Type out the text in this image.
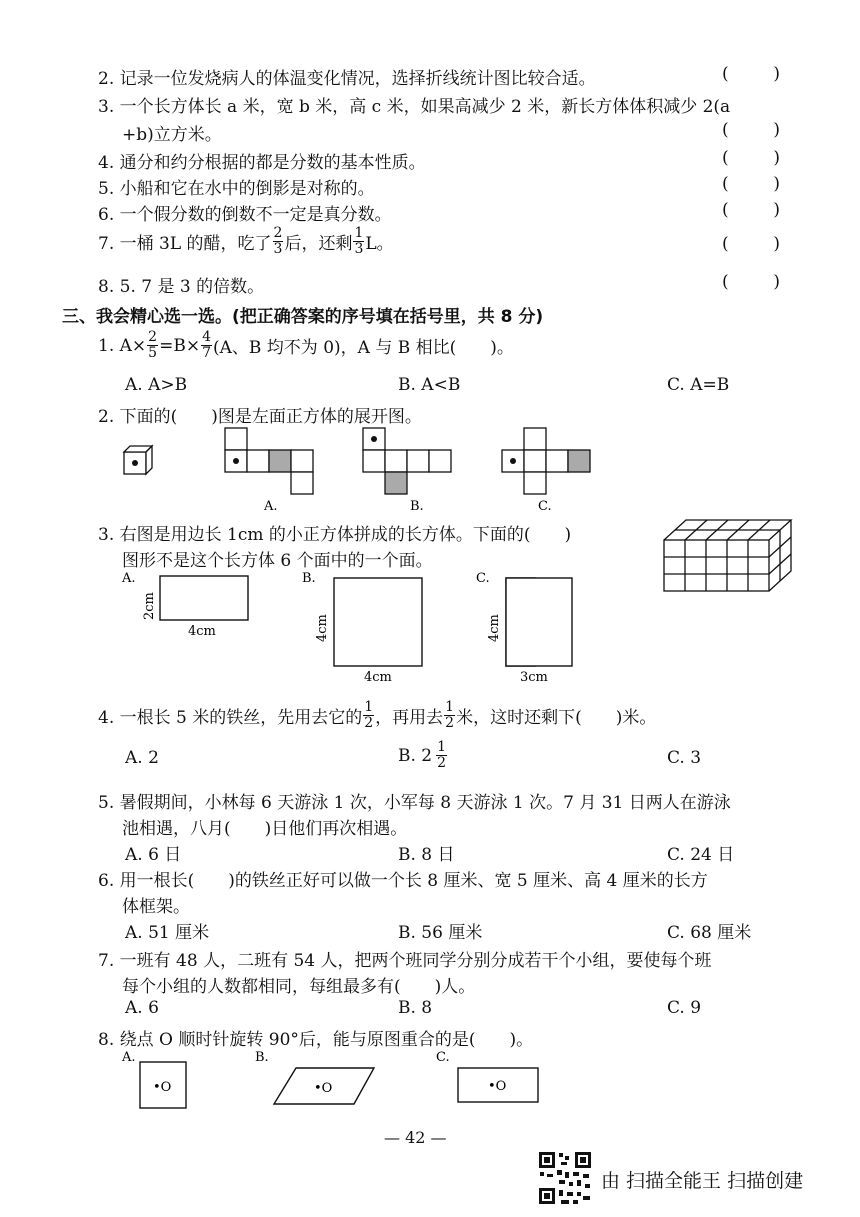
2. 记录一位发烧病人的体温变化情况，选择折线统计图比较合适。	(	)
3. 一个长方体长 a 米，宽 b 米，高 c 米，如果高减少 2 米，新长方体体积减少 2(a
+b)立方米。	(	)
4. 通分和约分根据的都是分数的基本性质。	(	)
5. 小船和它在水中的倒影是对称的。	(	)
6. 一个假分数的倒数不一定是真分数。	(	)
7. 一桶 3L 的醋，吃了 $\frac{2}{3}$ 后，还剩 $\frac{1}{3}$ L。	(	)
8. 5. 7 是 3 的倍数。	(	)
三、我会精心选一选。(把正确答案的序号填在括号里，共 8 分)
1. $A\times \frac{2}{5} =B\times \frac{4}{7} (A$、B 均不为 0)，A 与 B 相比( )。
A. A>B	B. A<B	C. A=B
2. 下面的( )图是左面正方体的展开图。
A.	B.	C.
3. 右图是用边长 1cm 的小正方体拼成的长方体。下面的( )
图形不是这个长方体 6 个面中的一个面。
A.
4cm
2cm
B.
4cm
4cm
C.
3cm
4cm
4. 一根长 5 米的铁丝，先用去它的 $\frac{1}{2}$ ，再用去 $\frac{1}{2}$ 米，这时还剩下( )米。
A. 2	B. $2 \frac{1}{2}$	C. 3
5. 暑假期间，小林每 6 天游泳 1 次，小军每 8 天游泳 1 次。7 月 31 日两人在游泳
池相遇，八月(　　)日他们再次相遇。
A. 6 日	B. 8 日	C. 24 日
6. 用一根长(　　)的铁丝正好可以做一个长 8 厘米、宽 5 厘米、高 4 厘米的长方
体框架。
A. 51 厘米	B. 56 厘米	C. 68 厘米
7. 一班有 48 人，二班有 54 人，把两个班同学分别分成若干个小组，要使每个班
每个小组的人数都相同，每组最多有(　　)人。
A. 6	B. 8	C. 9
8. 绕点 O 顺时针旋转 90°后，能与原图重合的是(　　)。
A.
•O
B.
•O
C.
•O
— 42 —
由 扫描全能王 扫描创建
